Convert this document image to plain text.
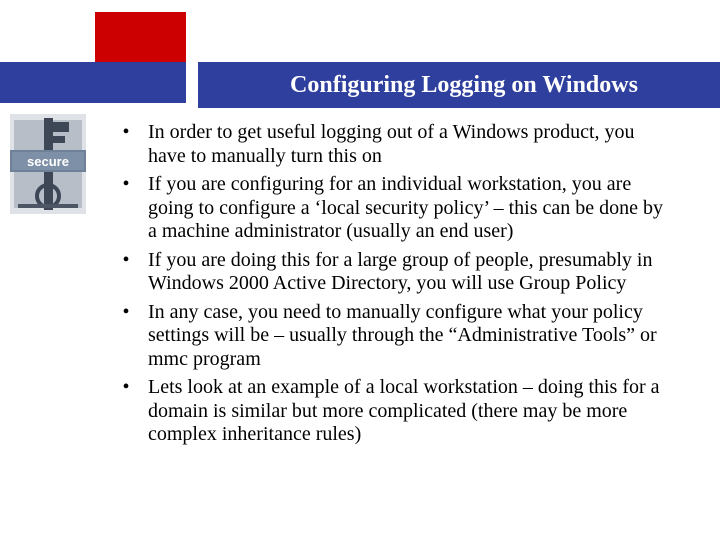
Configuring Logging on Windows
secure
• In order to get useful logging out of a Windows product, you have to manually turn this on
• If you are configuring for an individual workstation, you are going to configure a ‘local security policy’ – this can be done by a machine administrator (usually an end user)
• If you are doing this for a large group of people, presumably in Windows 2000 Active Directory, you will use Group Policy
• In any case, you need to manually configure what your policy settings will be – usually through the “Administrative Tools” or mmc program
• Lets look at an example of a local workstation – doing this for a domain is similar but more complicated (there may be more complex inheritance rules)
